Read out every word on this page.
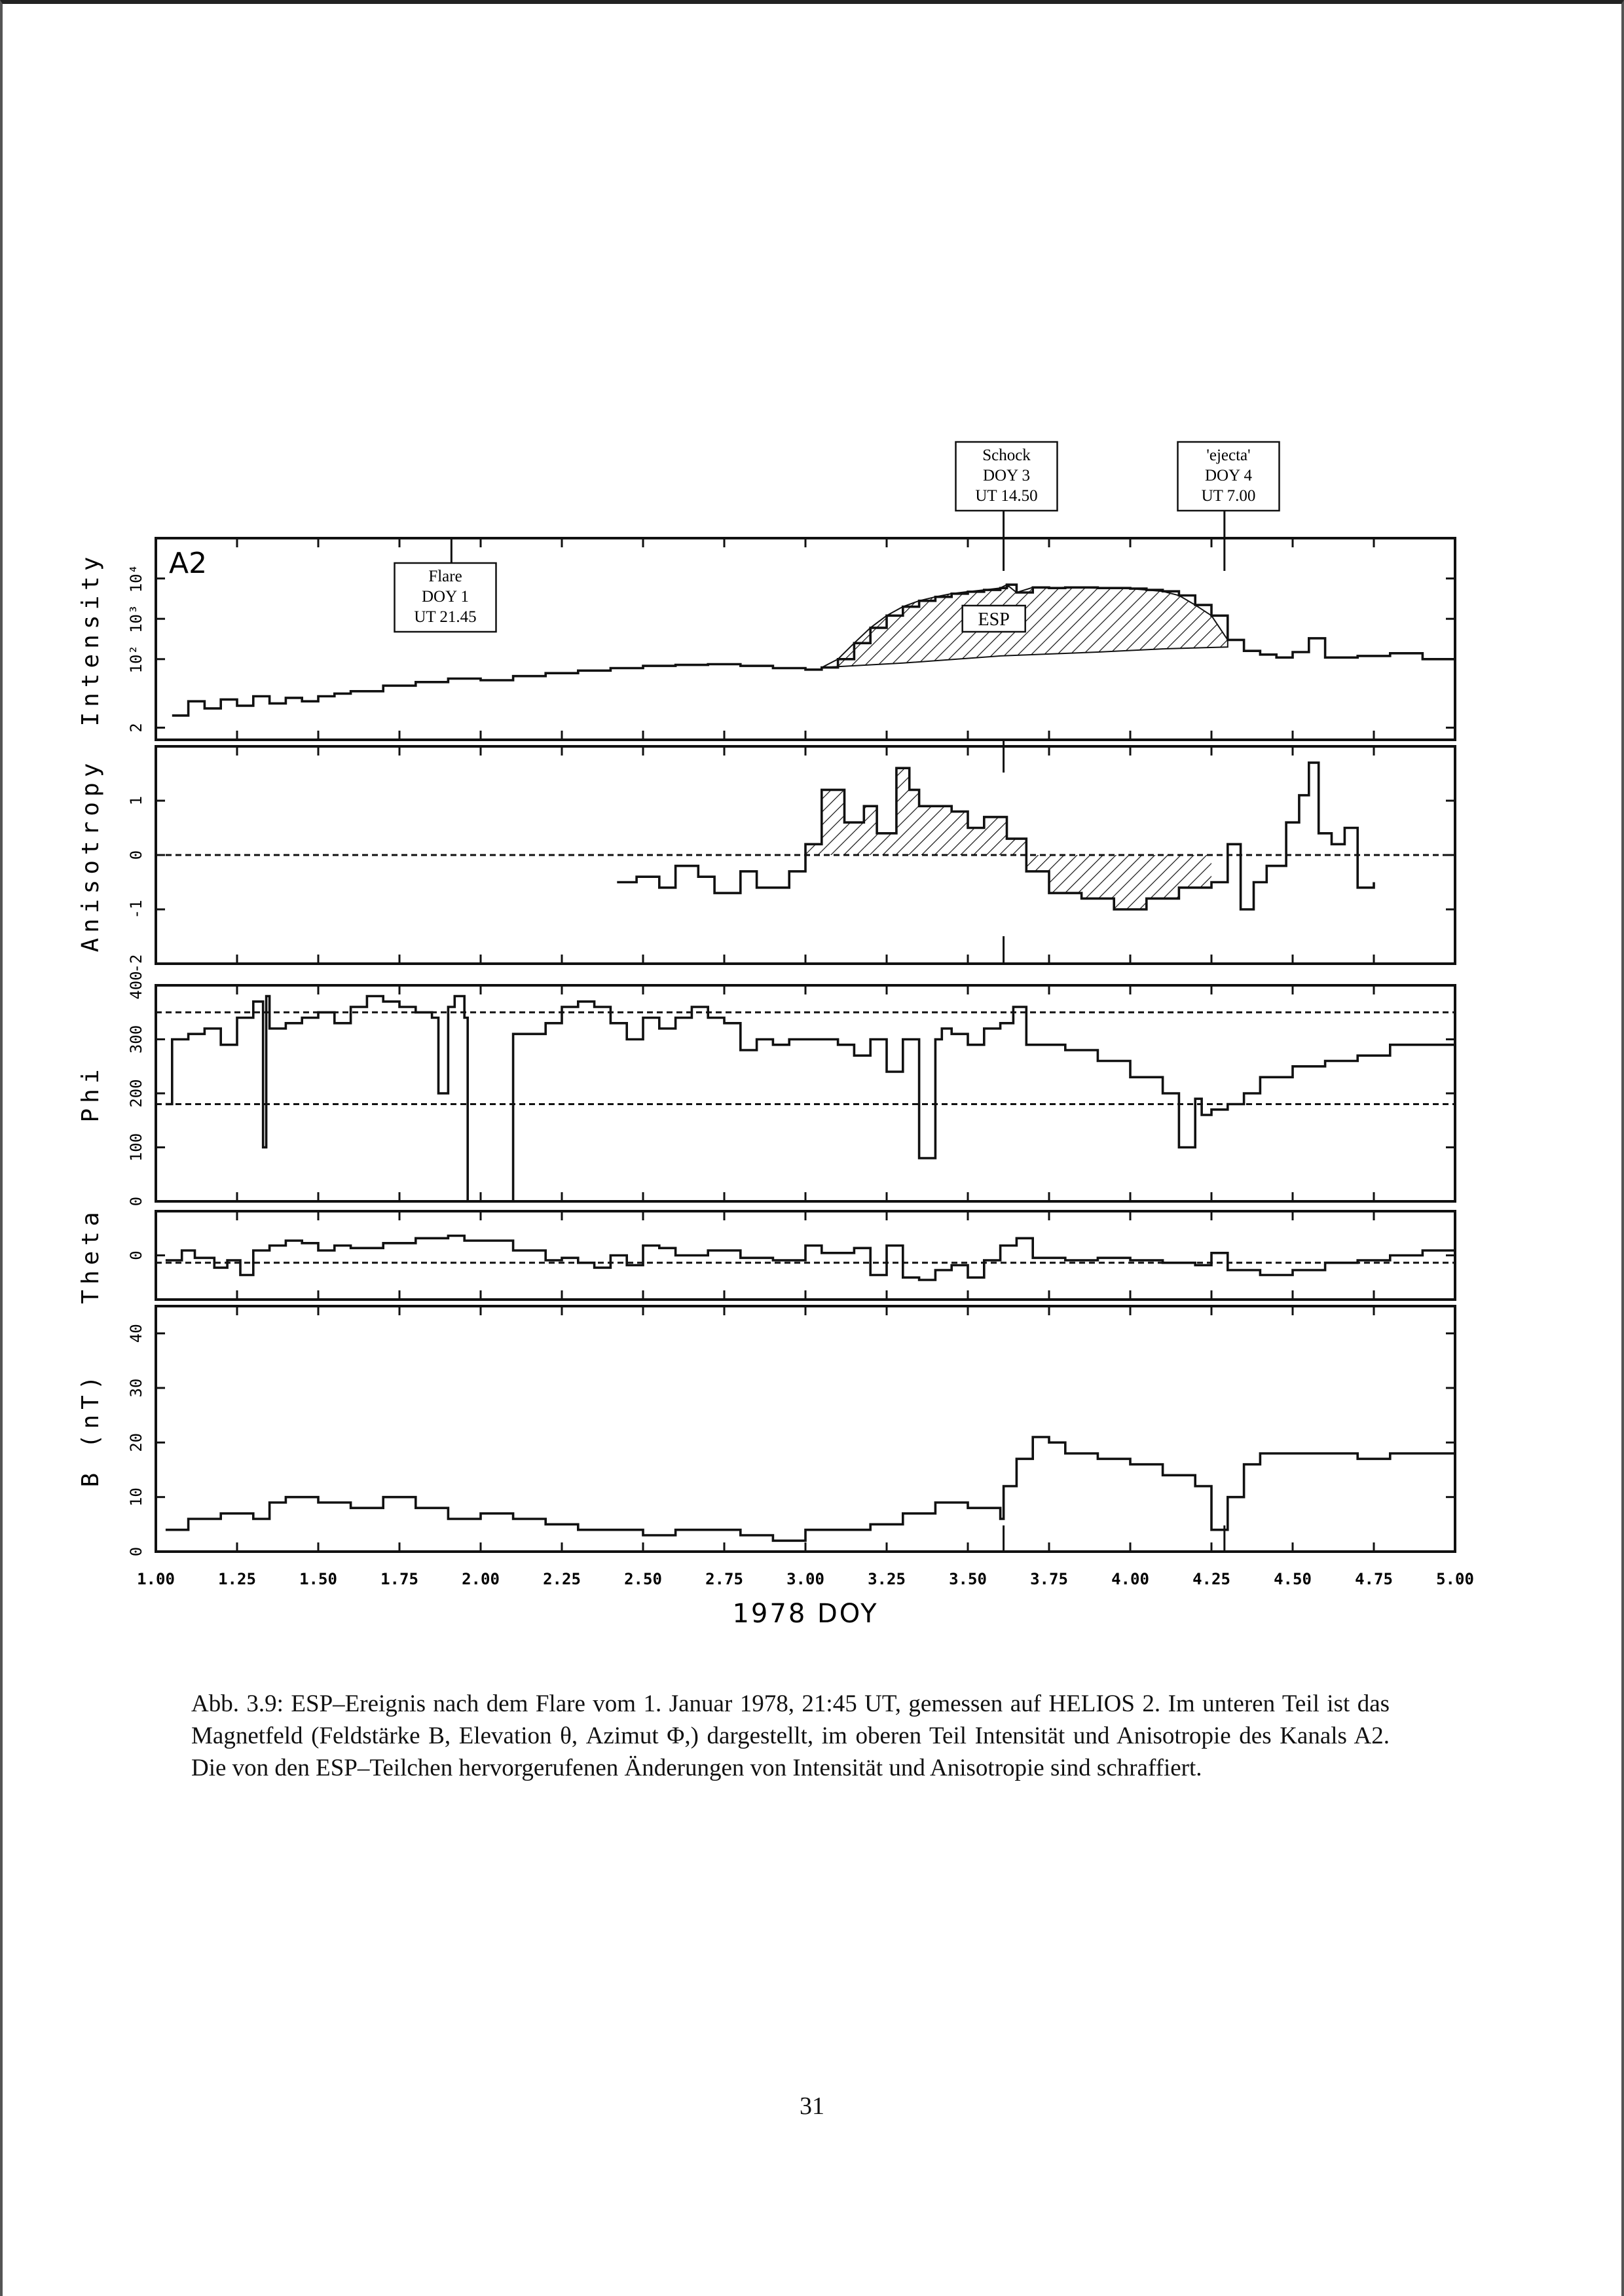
2
10²
10³
10⁴
Intensity
1
0
-1
-2
Anisotropy
0
100
200
300
400
Phi
0
Theta
0
10
20
30
40
B (nT)
A2
ESP
Flare
DOY 1
UT 21.45
Schock
DOY 3
UT 14.50
'ejecta'
DOY 4
UT 7.00
1.00	1.25	1.50	1.75	2.00	2.25	2.50	2.75	3.00	3.25	3.50	3.75	4.00	4.25	4.50	4.75	5.00
1978 DOY
Abb. 3.9: ESP–Ereignis nach dem Flare vom 1. Januar 1978, 21:45 UT, gemessen auf HELIOS 2. Im unteren Teil ist das Magnetfeld (Feldstärke B, Elevation θ, Azimut Φ,) dargestellt, im oberen Teil Intensität und Anisotropie des Kanals A2. Die von den ESP–Teilchen hervorgerufenen Änderungen von Intensität und Anisotropie sind schraffiert.
31
